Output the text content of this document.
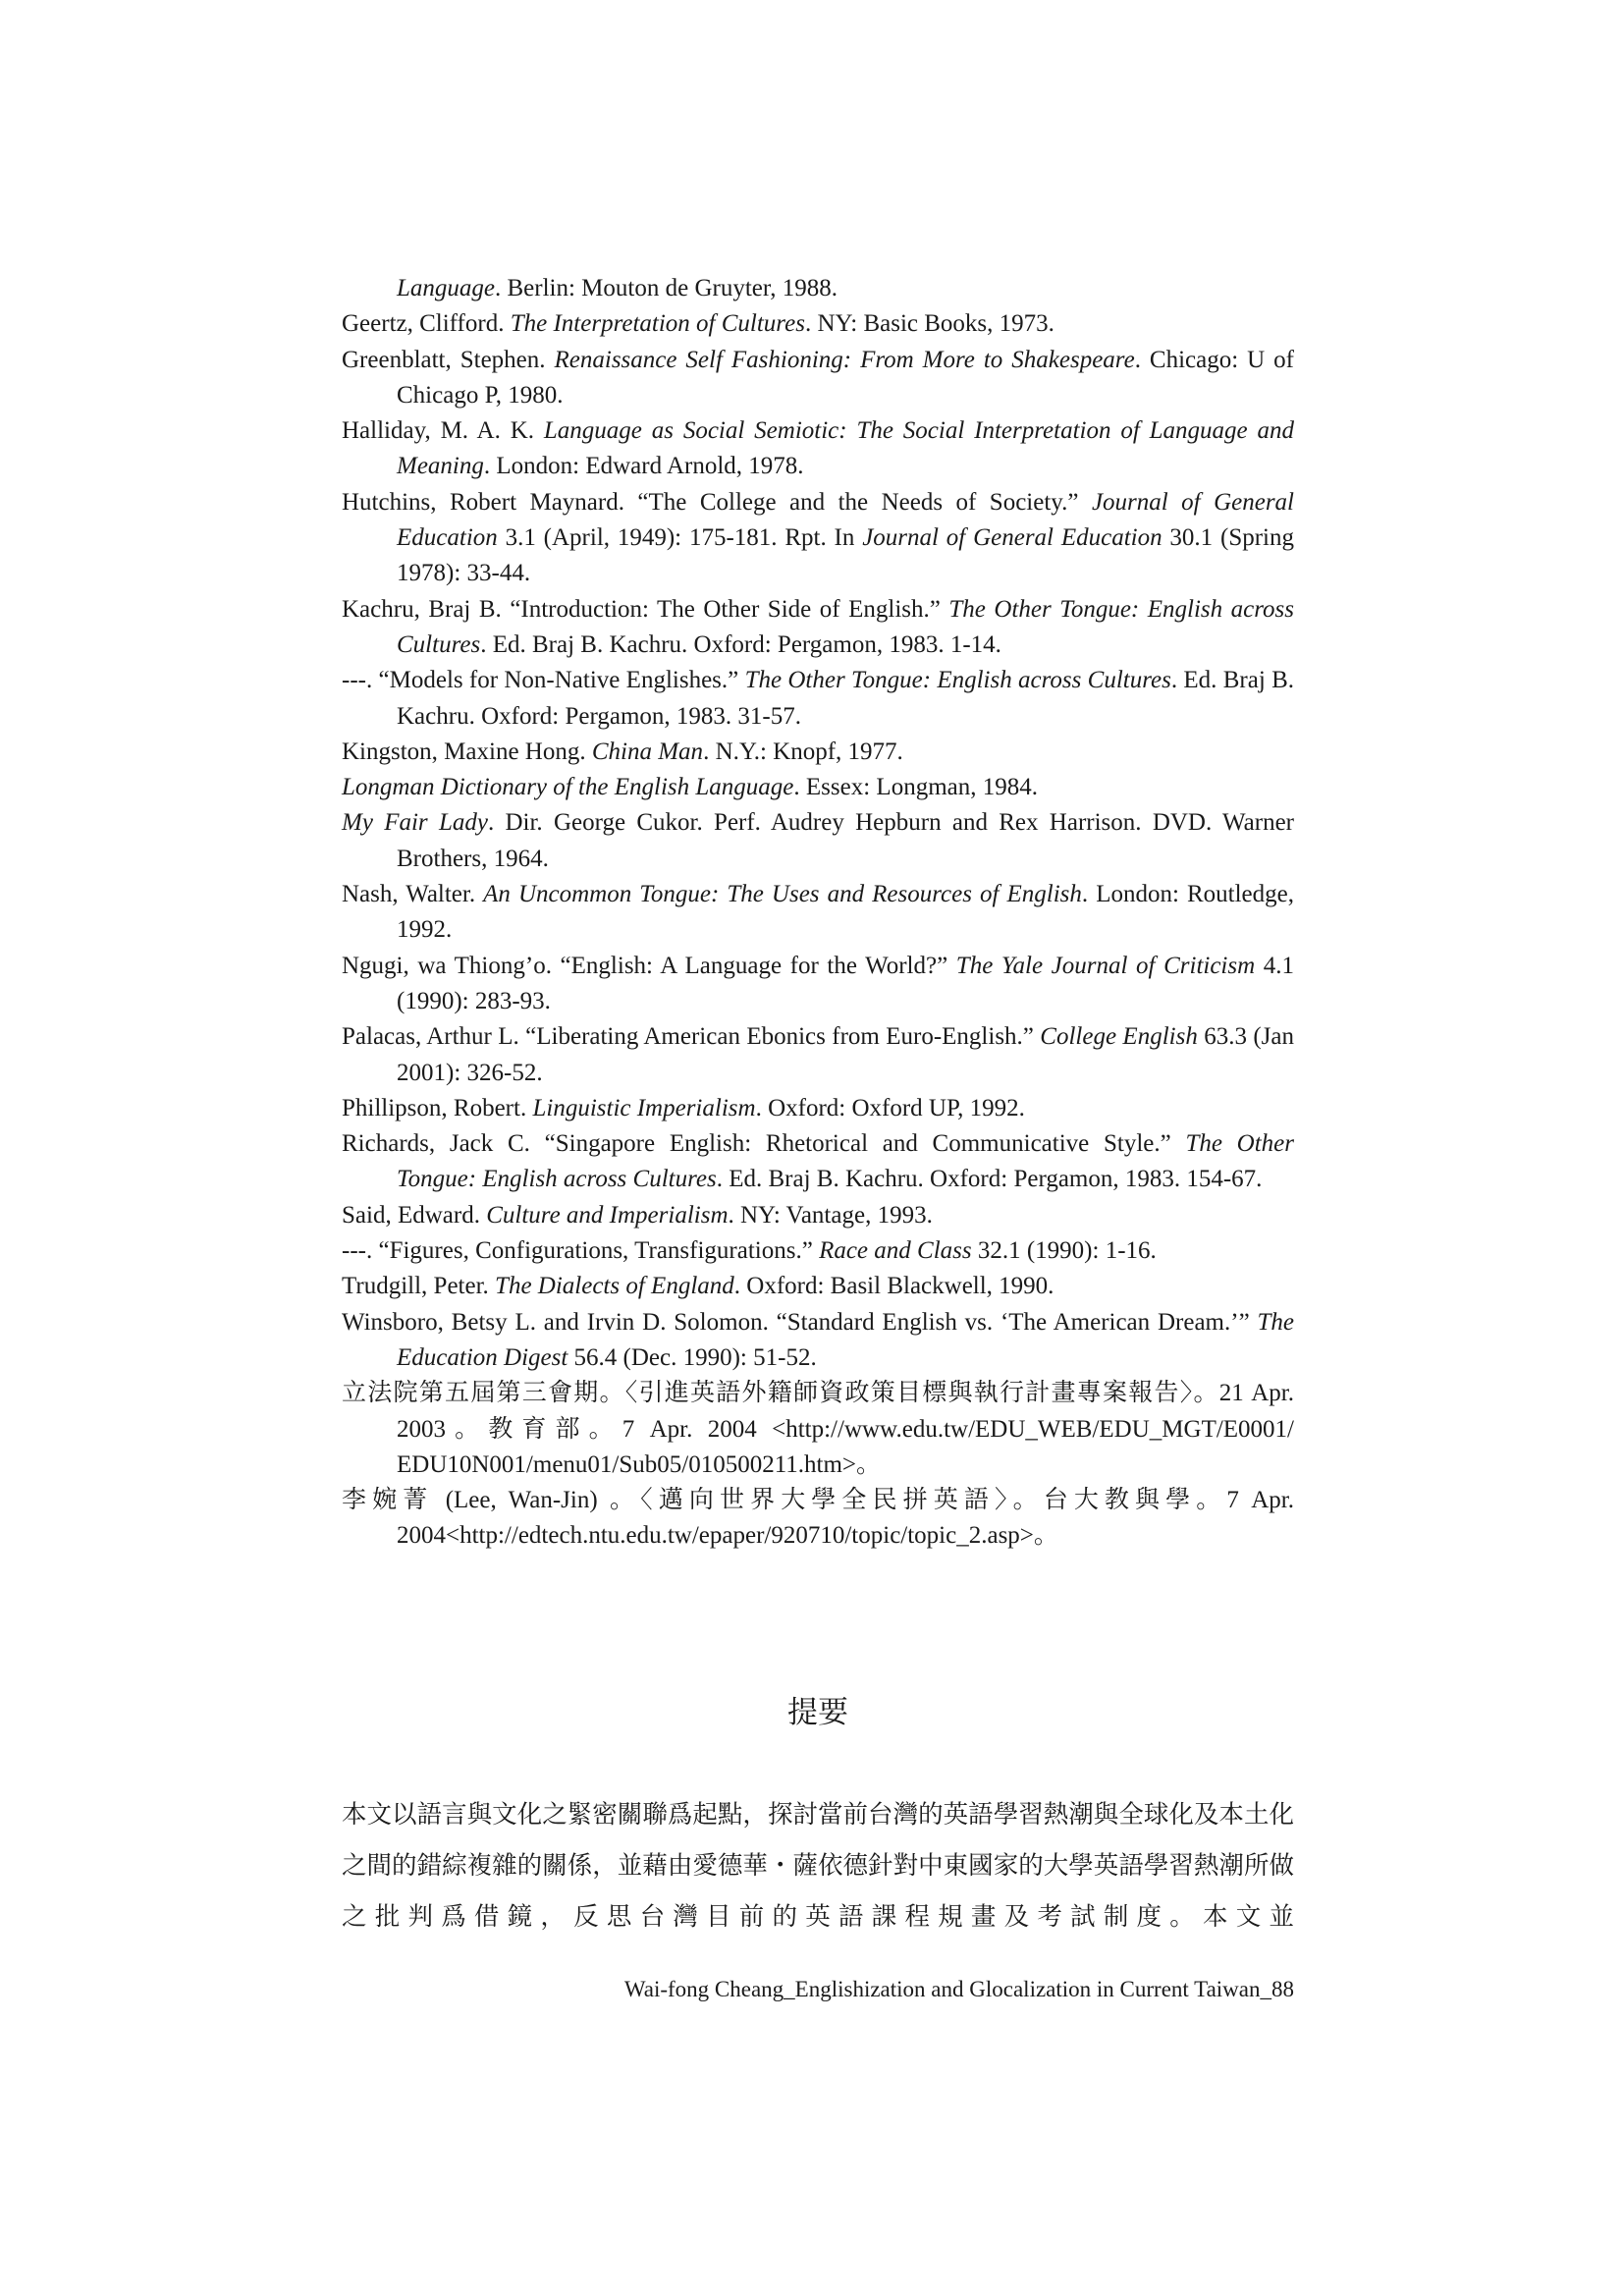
Language. Berlin: Mouton de Gruyter, 1988.
Geertz, Clifford. The Interpretation of Cultures. NY: Basic Books, 1973.
Greenblatt, Stephen. Renaissance Self Fashioning: From More to Shakespeare. Chicago: U of Chicago P, 1980.
Halliday, M. A. K. Language as Social Semiotic: The Social Interpretation of Language and Meaning. London: Edward Arnold, 1978.
Hutchins, Robert Maynard. “The College and the Needs of Society.” Journal of General Education 3.1 (April, 1949): 175-181. Rpt. In Journal of General Education 30.1 (Spring 1978): 33-44.
Kachru, Braj B. “Introduction: The Other Side of English.” The Other Tongue: English across Cultures. Ed. Braj B. Kachru. Oxford: Pergamon, 1983. 1-14.
---. “Models for Non-Native Englishes.” The Other Tongue: English across Cultures. Ed. Braj B. Kachru. Oxford: Pergamon, 1983. 31-57.
Kingston, Maxine Hong. China Man. N.Y.: Knopf, 1977.
Longman Dictionary of the English Language. Essex: Longman, 1984.
My Fair Lady. Dir. George Cukor. Perf. Audrey Hepburn and Rex Harrison. DVD. Warner Brothers, 1964.
Nash, Walter. An Uncommon Tongue: The Uses and Resources of English. London: Routledge, 1992.
Ngugi, wa Thiong’o. “English: A Language for the World?” The Yale Journal of Criticism 4.1 (1990): 283-93.
Palacas, Arthur L. “Liberating American Ebonics from Euro-English.” College English 63.3 (Jan 2001): 326-52.
Phillipson, Robert. Linguistic Imperialism. Oxford: Oxford UP, 1992.
Richards, Jack C. “Singapore English: Rhetorical and Communicative Style.” The Other Tongue: English across Cultures. Ed. Braj B. Kachru. Oxford: Pergamon, 1983. 154-67.
Said, Edward. Culture and Imperialism. NY: Vantage, 1993.
---. “Figures, Configurations, Transfigurations.” Race and Class 32.1 (1990): 1-16.
Trudgill, Peter. The Dialects of England. Oxford: Basil Blackwell, 1990.
Winsboro, Betsy L. and Irvin D. Solomon. “Standard English vs. ‘The American Dream.’” The Education Digest 56.4 (Dec. 1990): 51-52.
立法院第五屆第三會期。〈引進英語外籍師資政策目標與執行計畫專案報告〉。21 Apr. 2003。教育部。7 Apr. 2004 <http://www.edu.tw/EDU_WEB/EDU_MGT/E0001/ EDU10N001/menu01/Sub05/010500211.htm>。
李婉菁 (Lee, Wan-Jin) 。〈邁向世界大學全民拼英語〉。台大教與學。7 Apr. 2004<http://edtech.ntu.edu.tw/epaper/920710/topic/topic_2.asp>。
提要
本文以語言與文化之緊密關聯爲起點，探討當前台灣的英語學習熱潮與全球化及本土化之間的錯綜複雜的關係，並藉由愛德華・薩依德針對中東國家的大學英語學習熱潮所做之批判爲借鏡，反思台灣目前的英語課程規畫及考試制度。本文並
Wai-fong Cheang_Englishization and Glocalization in Current Taiwan_88
